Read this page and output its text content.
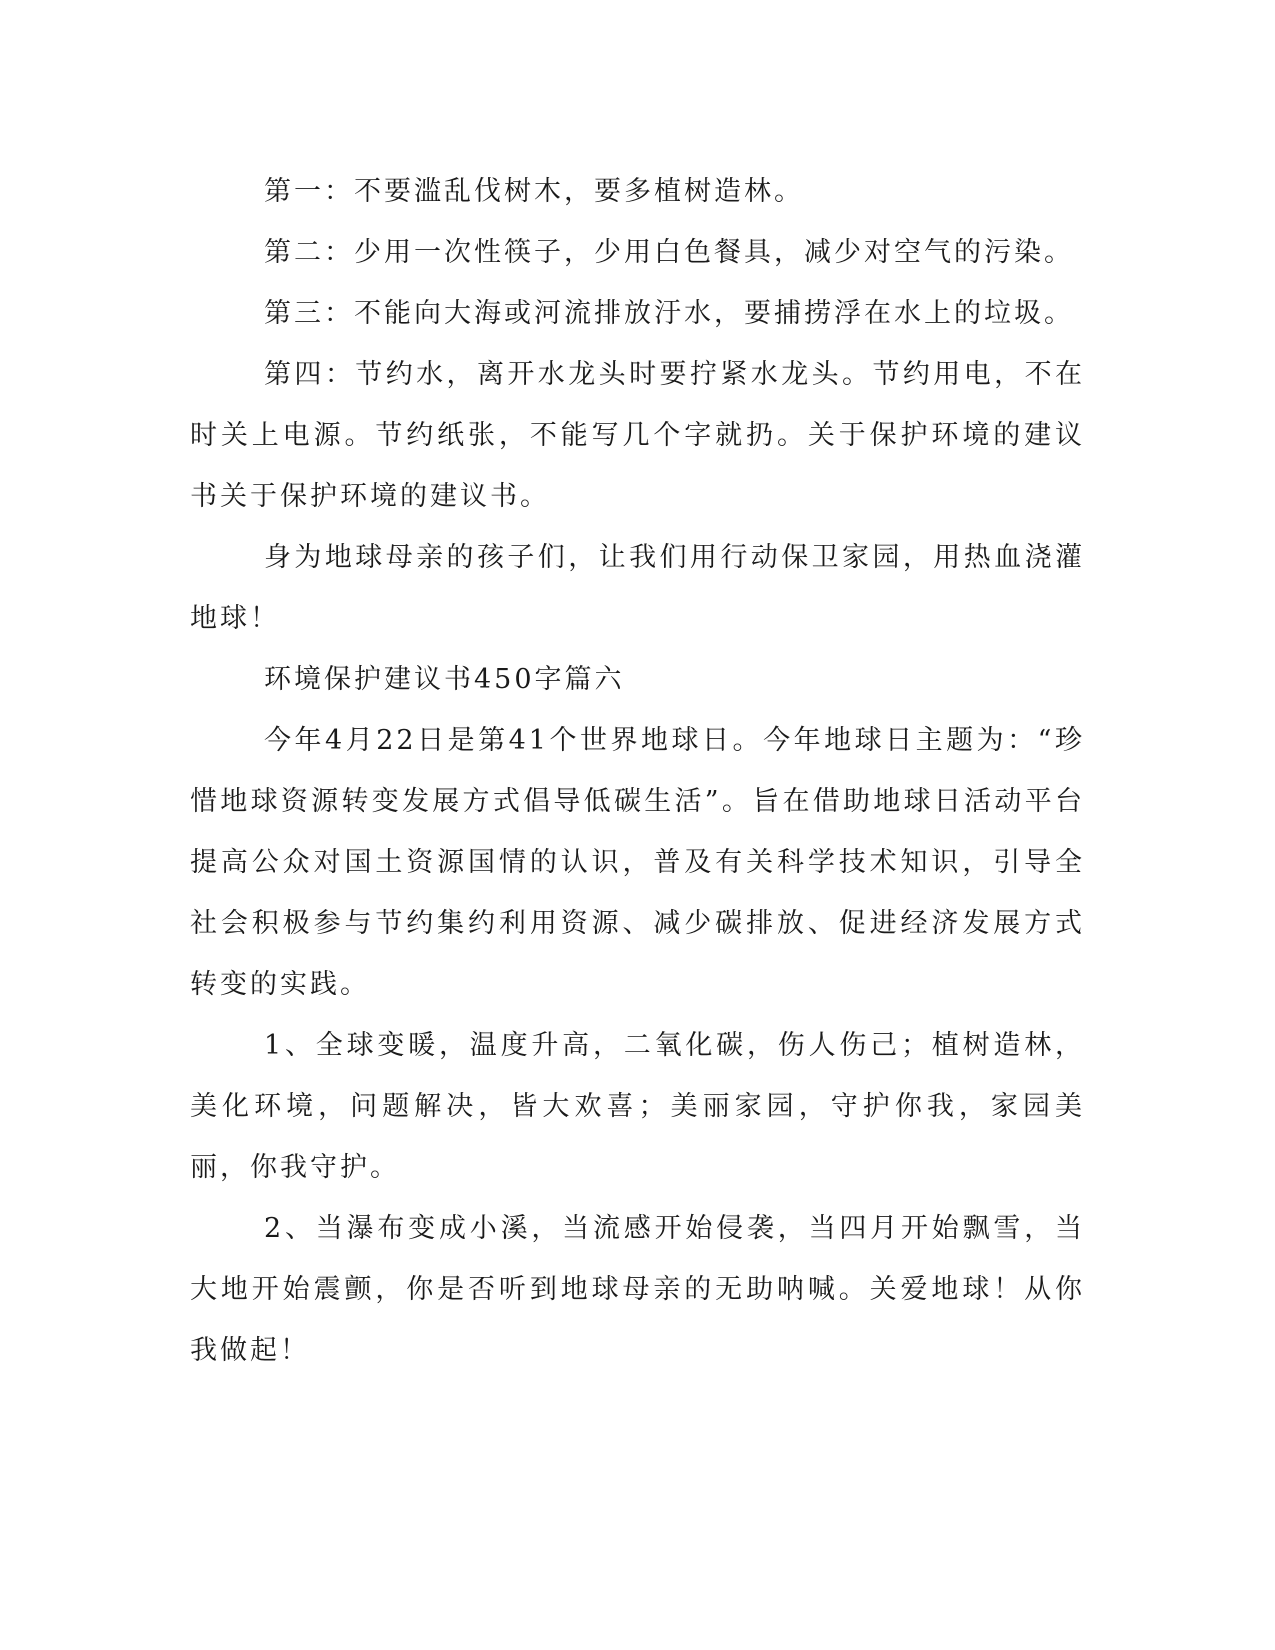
第一：不要滥乱伐树木，要多植树造林。

第二：少用一次性筷子，少用白色餐具，减少对空气的污染。

第三：不能向大海或河流排放汙水，要捕捞浮在水上的垃圾。

第四：节约水，离开水龙头时要拧紧水龙头。节约用电，不在时关上电源。节约纸张，不能写几个字就扔。关于保护环境的建议书关于保护环境的建议书。

身为地球母亲的孩子们，让我们用行动保卫家园，用热血浇灌地球！

环境保护建议书450字篇六

今年4月22日是第41个世界地球日。今年地球日主题为：“珍惜地球资源转变发展方式倡导低碳生活”。旨在借助地球日活动平台提高公众对国土资源国情的认识，普及有关科学技术知识，引导全社会积极参与节约集约利用资源、减少碳排放、促进经济发展方式转变的实践。

1、全球变暖，温度升高，二氧化碳，伤人伤己；植树造林，美化环境，问题解决，皆大欢喜；美丽家园，守护你我，家园美丽，你我守护。

2、当瀑布变成小溪，当流感开始侵袭，当四月开始飘雪，当大地开始震颤，你是否听到地球母亲的无助呐喊。关爱地球！从你我做起！
